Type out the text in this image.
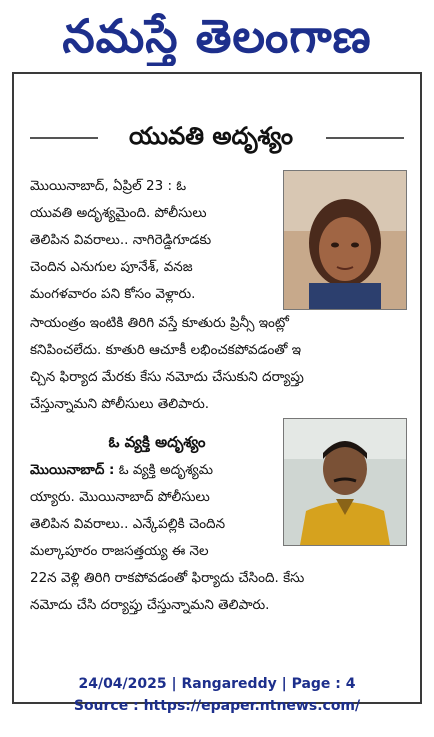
నమస్తే తెలంగాణ
యువతి అదృశ్యం
మొయినాబాద్, ఏప్రిల్ 23 : ఓ
యువతి అదృశ్యమైంది. పోలీసులు
తెలిపిన వివరాలు.. నాగిరెడ్డిగూడకు
చెందిన ఎనుగుల పూనేశ్, వనజ
మంగళవారం పని కోసం వెళ్లారు.
సాయంత్రం ఇంటికి తిరిగి వస్తే కూతురు ప్రిన్సీ ఇంట్లో
కనిపించలేదు. కూతురి ఆచూకీ లభించకపోవడంతో ఇ
చ్చిన ఫిర్యాద మేరకు కేసు నమోదు చేసుకుని దర్యాప్తు
చేస్తున్నామని పోలీసులు తెలిపారు.
ఓ వ్యక్తి అదృశ్యం
మొయినాబాద్ : ఓ వ్యక్తి అదృశ్యమ
య్యారు. మొయినాబాద్ పోలీసులు
తెలిపిన వివరాలు.. ఎన్కేపల్లికి చెందిన
మల్కాపూరం రాజసత్తయ్య ఈ నెల
22న వెళ్లి తిరిగి రాకపోవడంతో ఫిర్యాదు చేసింది. కేసు
నమోదు చేసి దర్యాప్తు చేస్తున్నామని తెలిపారు.
24/04/2025 | Rangareddy | Page : 4
Source : https://epaper.ntnews.com/
